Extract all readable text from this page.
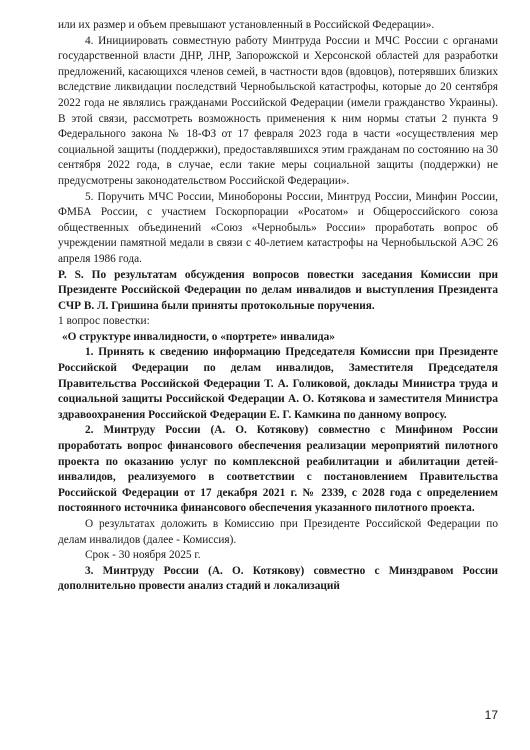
или их размер и объем превышают установленный в Российской Федерации».

4. Инициировать совместную работу Минтруда России и МЧС России с органами государственной власти ДНР, ЛНР, Запорожской и Херсонской областей для разработки предложений, касающихся членов семей, в частности вдов (вдовцов), потерявших близких вследствие ликвидации последствий Чернобыльской катастрофы, которые до 20 сентября 2022 года не являлись гражданами Российской Федерации (имели гражданство Украины). В этой связи, рассмотреть возможность применения к ним нормы статьи 2 пункта 9 Федерального закона № 18-ФЗ от 17 февраля 2023 года в части «осуществления мер социальной защиты (поддержки), предоставлявшихся этим гражданам по состоянию на 30 сентября 2022 года, в случае, если такие меры социальной защиты (поддержки) не предусмотрены законодательством Российской Федерации».

5. Поручить МЧС России, Минобороны России, Минтруд России, Минфин России, ФМБА России, с участием Госкорпорации «Росатом» и Общероссийского союза общественных объединений «Союз «Чернобыль» России» проработать вопрос об учреждении памятной медали в связи с 40-летием катастрофы на Чернобыльской АЭС 26 апреля 1986 года.

P. S. По результатам обсуждения вопросов повестки заседания Комиссии при Президенте Российской Федерации по делам инвалидов и выступления Президента СЧР В. Л. Гришина были приняты протокольные поручения.

1 вопрос повестки:

«О структуре инвалидности, о «портрете» инвалида»

1. Принять к сведению информацию Председателя Комиссии при Президенте Российской Федерации по делам инвалидов, Заместителя Председателя Правительства Российской Федерации Т. А. Голиковой, доклады Министра труда и социальной защиты Российской Федерации А. О. Котякова и заместителя Министра здравоохранения Российской Федерации Е. Г. Камкина по данному вопросу.

2. Минтруду России (А. О. Котякову) совместно с Минфином России проработать вопрос финансового обеспечения реализации мероприятий пилотного проекта по оказанию услуг по комплексной реабилитации и абилитации детей-инвалидов, реализуемого в соответствии с постановлением Правительства Российской Федерации от 17 декабря 2021 г. № 2339, с 2028 года с определением постоянного источника финансового обеспечения указанного пилотного проекта.

О результатах доложить в Комиссию при Президенте Российской Федерации по делам инвалидов (далее - Комиссия).

Срок - 30 ноября 2025 г.

3. Минтруду России (А. О. Котякову) совместно с Минздравом России дополнительно провести анализ стадий и локализаций

17
